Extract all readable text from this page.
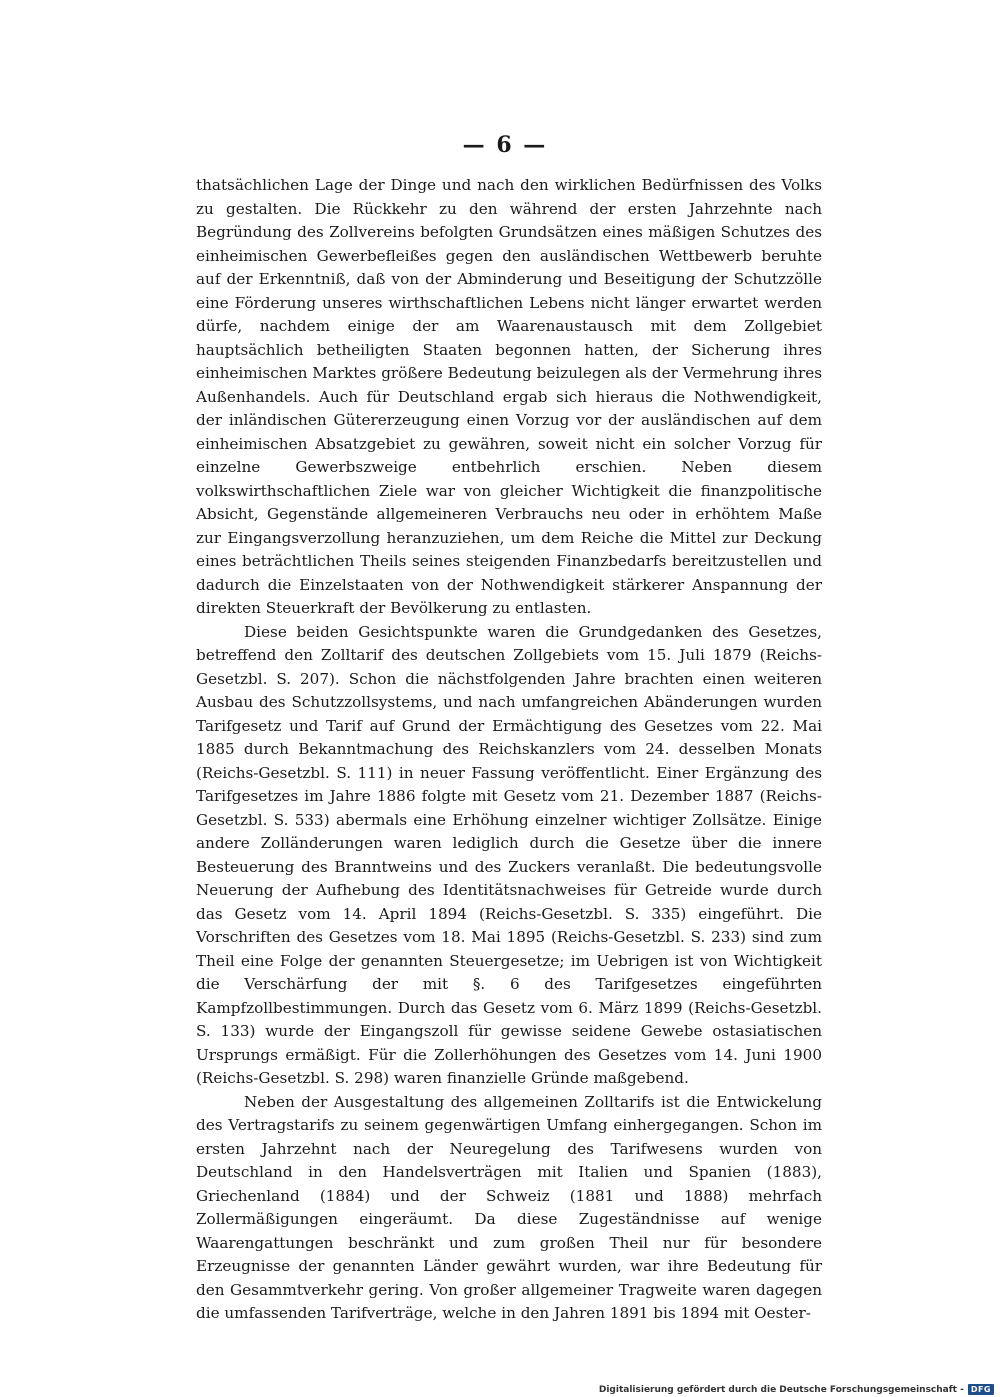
— 6 —

thatsächlichen Lage der Dinge und nach den wirklichen Bedürfnissen des Volks zu gestalten. Die Rückkehr zu den während der ersten Jahrzehnte nach Begründung des Zollvereins befolgten Grundsätzen eines mäßigen Schutzes des einheimischen Gewerbefleißes gegen den ausländischen Wettbewerb beruhte auf der Erkenntniß, daß von der Abminderung und Beseitigung der Schutzzölle eine Förderung unseres wirthschaftlichen Lebens nicht länger erwartet werden dürfe, nachdem einige der am Waarenaustausch mit dem Zollgebiet hauptsächlich betheiligten Staaten begonnen hatten, der Sicherung ihres einheimischen Marktes größere Bedeutung beizulegen als der Vermehrung ihres Außenhandels. Auch für Deutschland ergab sich hieraus die Nothwendigkeit, der inländischen Gütererzeugung einen Vorzug vor der ausländischen auf dem einheimischen Absatzgebiet zu gewähren, soweit nicht ein solcher Vorzug für einzelne Gewerbszweige entbehrlich erschien. Neben diesem volkswirthschaftlichen Ziele war von gleicher Wichtigkeit die finanzpolitische Absicht, Gegenstände allgemeineren Verbrauchs neu oder in erhöhtem Maße zur Eingangsverzollung heranzuziehen, um dem Reiche die Mittel zur Deckung eines beträchtlichen Theils seines steigenden Finanzbedarfs bereitzustellen und dadurch die Einzelstaaten von der Nothwendigkeit stärkerer Anspannung der direkten Steuerkraft der Bevölkerung zu entlasten.

Diese beiden Gesichtspunkte waren die Grundgedanken des Gesetzes, betreffend den Zolltarif des deutschen Zollgebiets vom 15. Juli 1879 (Reichs-Gesetzbl. S. 207). Schon die nächstfolgenden Jahre brachten einen weiteren Ausbau des Schutzzollsystems, und nach umfangreichen Abänderungen wurden Tarifgesetz und Tarif auf Grund der Ermächtigung des Gesetzes vom 22. Mai 1885 durch Bekanntmachung des Reichskanzlers vom 24. desselben Monats (Reichs-Gesetzbl. S. 111) in neuer Fassung veröffentlicht. Einer Ergänzung des Tarifgesetzes im Jahre 1886 folgte mit Gesetz vom 21. Dezember 1887 (Reichs-Gesetzbl. S. 533) abermals eine Erhöhung einzelner wichtiger Zollsätze. Einige andere Zolländerungen waren lediglich durch die Gesetze über die innere Besteuerung des Branntweins und des Zuckers veranlaßt. Die bedeutungsvolle Neuerung der Aufhebung des Identitätsnachweises für Getreide wurde durch das Gesetz vom 14. April 1894 (Reichs-Gesetzbl. S. 335) eingeführt. Die Vorschriften des Gesetzes vom 18. Mai 1895 (Reichs-Gesetzbl. S. 233) sind zum Theil eine Folge der genannten Steuergesetze; im Uebrigen ist von Wichtigkeit die Verschärfung der mit §. 6 des Tarifgesetzes eingeführten Kampfzollbestimmungen. Durch das Gesetz vom 6. März 1899 (Reichs-Gesetzbl. S. 133) wurde der Eingangszoll für gewisse seidene Gewebe ostasiatischen Ursprungs ermäßigt. Für die Zollerhöhungen des Gesetzes vom 14. Juni 1900 (Reichs-Gesetzbl. S. 298) waren finanzielle Gründe maßgebend.

Neben der Ausgestaltung des allgemeinen Zolltarifs ist die Entwickelung des Vertragstarifs zu seinem gegenwärtigen Umfang einhergegangen. Schon im ersten Jahrzehnt nach der Neuregelung des Tarifwesens wurden von Deutschland in den Handelsverträgen mit Italien und Spanien (1883), Griechenland (1884) und der Schweiz (1881 und 1888) mehrfach Zollermäßigungen eingeräumt. Da diese Zugeständnisse auf wenige Waarengattungen beschränkt und zum großen Theil nur für besondere Erzeugnisse der genannten Länder gewährt wurden, war ihre Bedeutung für den Gesammtverkehr gering. Von großer allgemeiner Tragweite waren dagegen die umfassenden Tarifverträge, welche in den Jahren 1891 bis 1894 mit Oester-

Digitalisierung gefördert durch die Deutsche Forschungsgemeinschaft - DFG
